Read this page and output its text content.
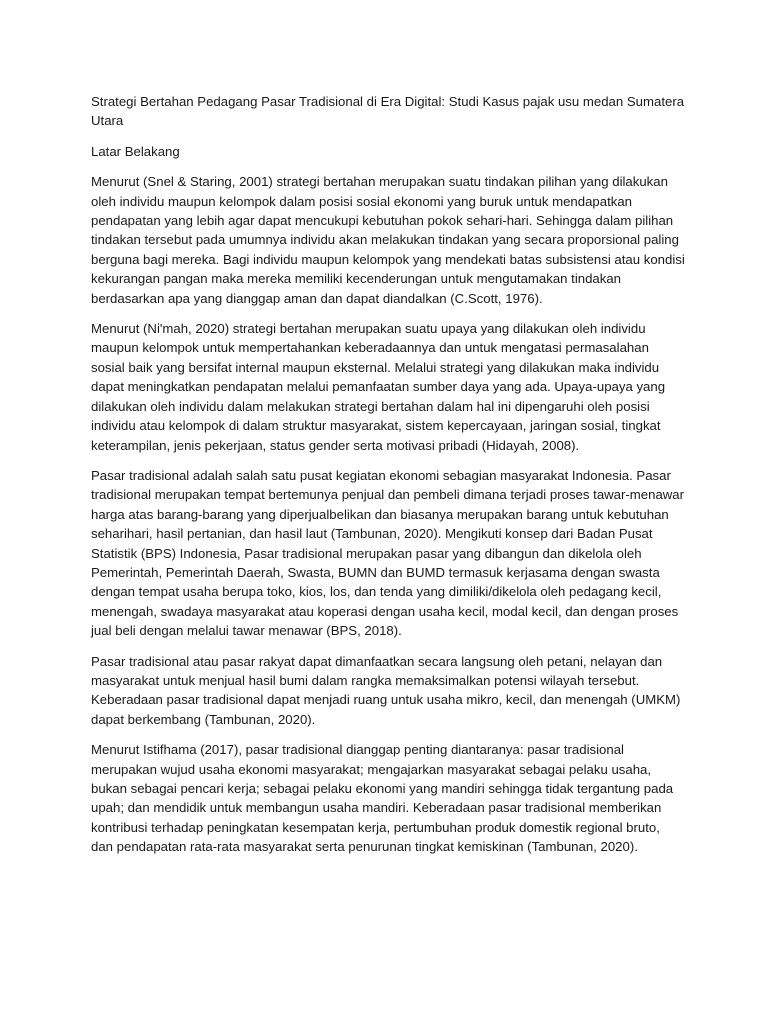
Strategi Bertahan Pedagang Pasar Tradisional di Era Digital: Studi Kasus pajak usu medan Sumatera Utara

Latar Belakang

Menurut (Snel & Staring, 2001) strategi bertahan merupakan suatu tindakan pilihan yang dilakukan oleh individu maupun kelompok dalam posisi sosial ekonomi yang buruk untuk mendapatkan pendapatan yang lebih agar dapat mencukupi kebutuhan pokok sehari-hari. Sehingga dalam pilihan tindakan tersebut pada umumnya individu akan melakukan tindakan yang secara proporsional paling berguna bagi mereka. Bagi individu maupun kelompok yang mendekati batas subsistensi atau kondisi kekurangan pangan maka mereka memiliki kecenderungan untuk mengutamakan tindakan berdasarkan apa yang dianggap aman dan dapat diandalkan (C.Scott, 1976).

Menurut (Ni'mah, 2020) strategi bertahan merupakan suatu upaya yang dilakukan oleh individu maupun kelompok untuk mempertahankan keberadaannya dan untuk mengatasi permasalahan sosial baik yang bersifat internal maupun eksternal. Melalui strategi yang dilakukan maka individu dapat meningkatkan pendapatan melalui pemanfaatan sumber daya yang ada. Upaya-upaya yang dilakukan oleh individu dalam melakukan strategi bertahan dalam hal ini dipengaruhi oleh posisi individu atau kelompok di dalam struktur masyarakat, sistem kepercayaan, jaringan sosial, tingkat keterampilan, jenis pekerjaan, status gender serta motivasi pribadi (Hidayah, 2008).

Pasar tradisional adalah salah satu pusat kegiatan ekonomi sebagian masyarakat Indonesia. Pasar tradisional merupakan tempat bertemunya penjual dan pembeli dimana terjadi proses tawar-menawar harga atas barang-barang yang diperjualbelikan dan biasanya merupakan barang untuk kebutuhan seharihari, hasil pertanian, dan hasil laut (Tambunan, 2020). Mengikuti konsep dari Badan Pusat Statistik (BPS) Indonesia, Pasar tradisional merupakan pasar yang dibangun dan dikelola oleh Pemerintah, Pemerintah Daerah, Swasta, BUMN dan BUMD termasuk kerjasama dengan swasta dengan tempat usaha berupa toko, kios, los, dan tenda yang dimiliki/dikelola oleh pedagang kecil, menengah, swadaya masyarakat atau koperasi dengan usaha kecil, modal kecil, dan dengan proses jual beli dengan melalui tawar menawar (BPS, 2018).

Pasar tradisional atau pasar rakyat dapat dimanfaatkan secara langsung oleh petani, nelayan dan masyarakat untuk menjual hasil bumi dalam rangka memaksimalkan potensi wilayah tersebut. Keberadaan pasar tradisional dapat menjadi ruang untuk usaha mikro, kecil, dan menengah (UMKM) dapat berkembang (Tambunan, 2020).

Menurut Istifhama (2017), pasar tradisional dianggap penting diantaranya: pasar tradisional merupakan wujud usaha ekonomi masyarakat; mengajarkan masyarakat sebagai pelaku usaha, bukan sebagai pencari kerja; sebagai pelaku ekonomi yang mandiri sehingga tidak tergantung pada upah; dan mendidik untuk membangun usaha mandiri. Keberadaan pasar tradisional memberikan kontribusi terhadap peningkatan kesempatan kerja, pertumbuhan produk domestik regional bruto, dan pendapatan rata-rata masyarakat serta penurunan tingkat kemiskinan (Tambunan, 2020).
